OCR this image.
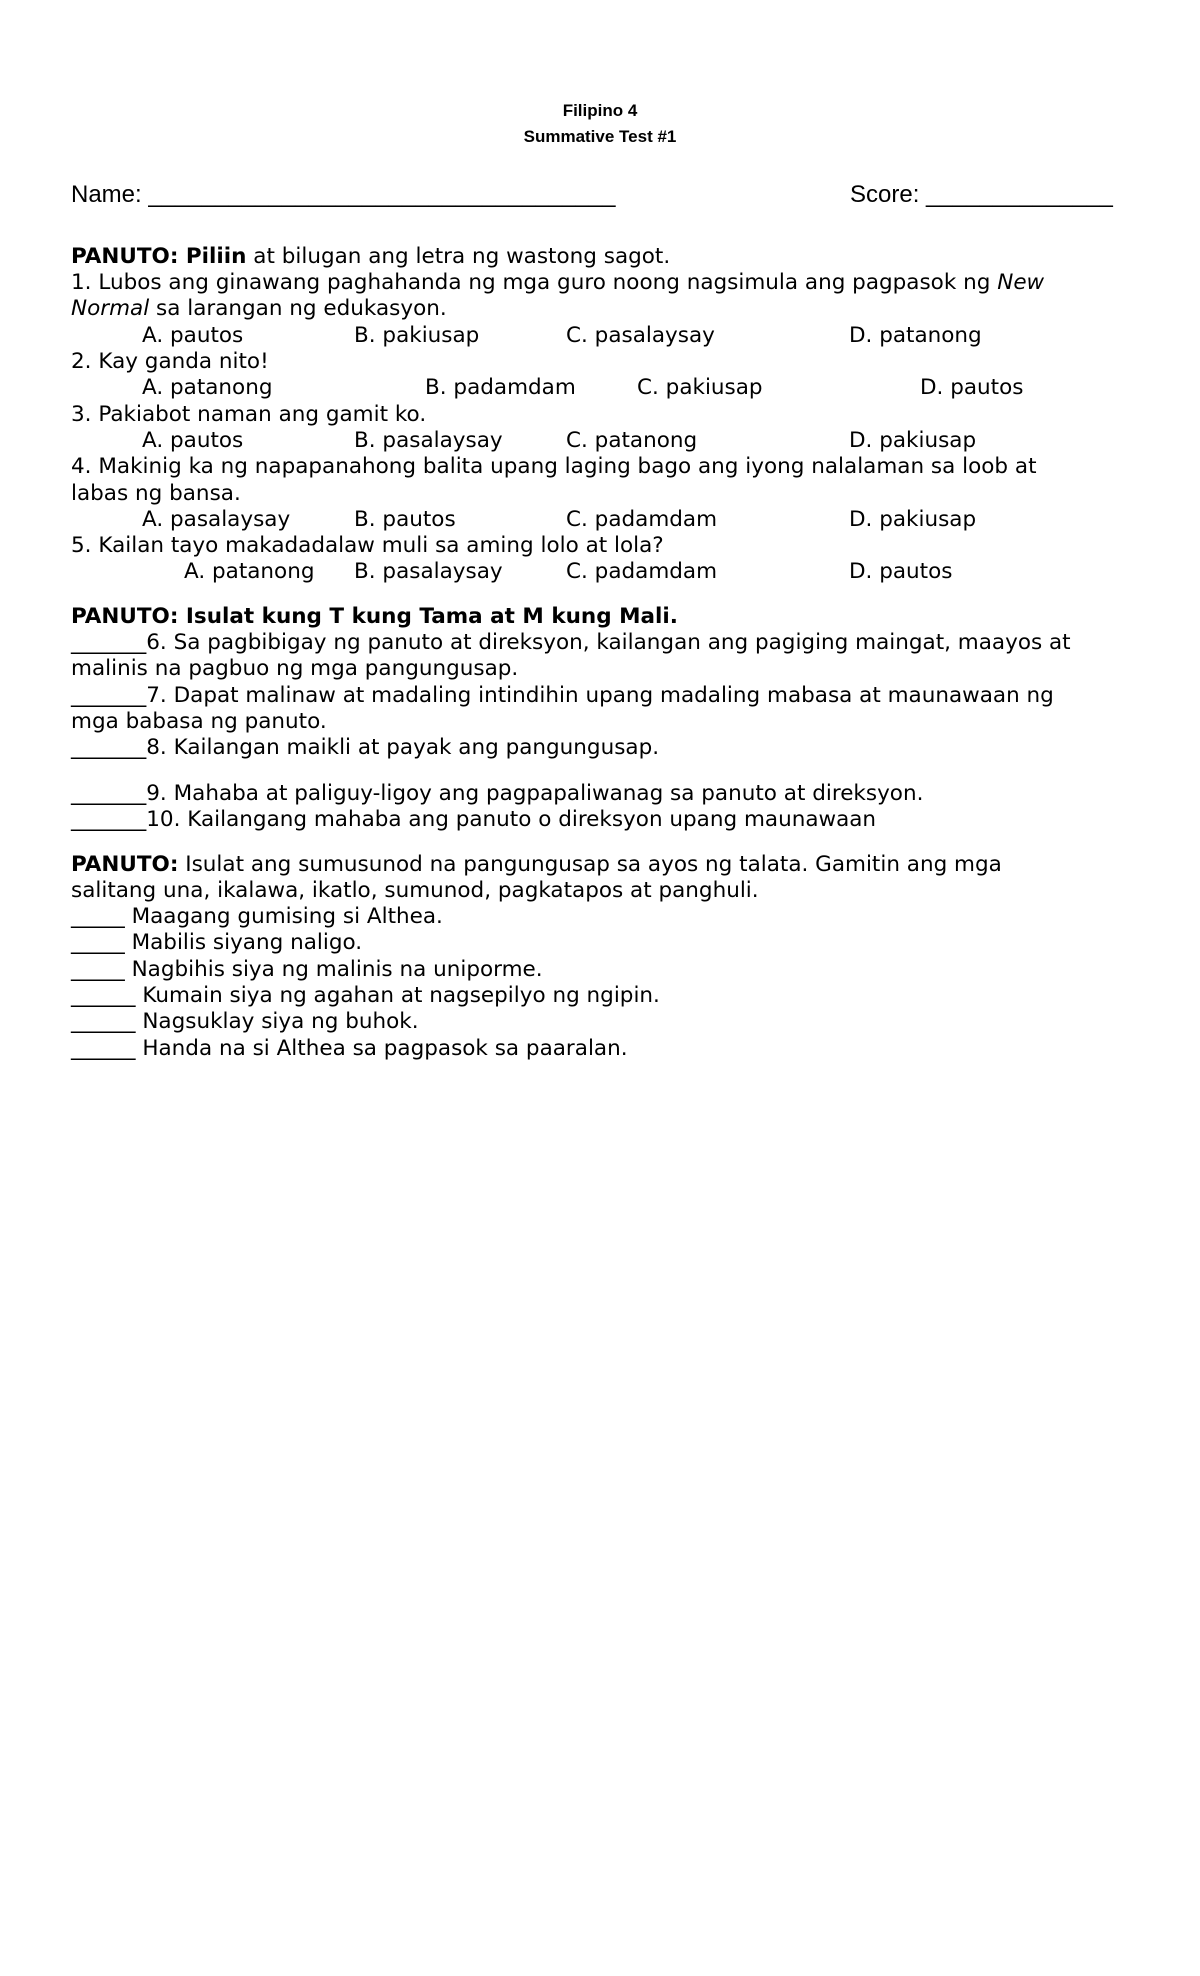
Filipino 4
Summative Test #1
Name: ___________________________________	Score: ______________
PANUTO: Piliin at bilugan ang letra ng wastong sagot.
1. Lubos ang ginawang paghahanda ng mga guro noong nagsimula ang pagpasok ng New
Normal sa larangan ng edukasyon.
A. pautos	B. pakiusap	C. pasalaysay	D. patanong
2. Kay ganda nito!
A. patanong	B. padamdam	C. pakiusap	D. pautos
3. Pakiabot naman ang gamit ko.
A. pautos	B. pasalaysay	C. patanong	D. pakiusap
4. Makinig ka ng napapanahong balita upang laging bago ang iyong nalalaman sa loob at
labas ng bansa.
A. pasalaysay	B. pautos	C. padamdam	D. pakiusap
5. Kailan tayo makadadalaw muli sa aming lolo at lola?
A. patanong B. pasalaysay	C. padamdam	D. pautos
PANUTO: Isulat kung T kung Tama at M kung Mali.
_______6. Sa pagbibigay ng panuto at direksyon, kailangan ang pagiging maingat, maayos at
malinis na pagbuo ng mga pangungusap.
_______7. Dapat malinaw at madaling intindihin upang madaling mabasa at maunawaan ng
mga babasa ng panuto.
_______8. Kailangan maikli at payak ang pangungusap.
_______9. Mahaba at paliguy-ligoy ang pagpapaliwanag sa panuto at direksyon.
_______10. Kailangang mahaba ang panuto o direksyon upang maunawaan
PANUTO: Isulat ang sumusunod na pangungusap sa ayos ng talata. Gamitin ang mga
salitang una, ikalawa, ikatlo, sumunod, pagkatapos at panghuli.
_____ Maagang gumising si Althea.
_____ Mabilis siyang naligo.
_____ Nagbihis siya ng malinis na uniporme.
______ Kumain siya ng agahan at nagsepilyo ng ngipin.
______ Nagsuklay siya ng buhok.
______ Handa na si Althea sa pagpasok sa paaralan.
